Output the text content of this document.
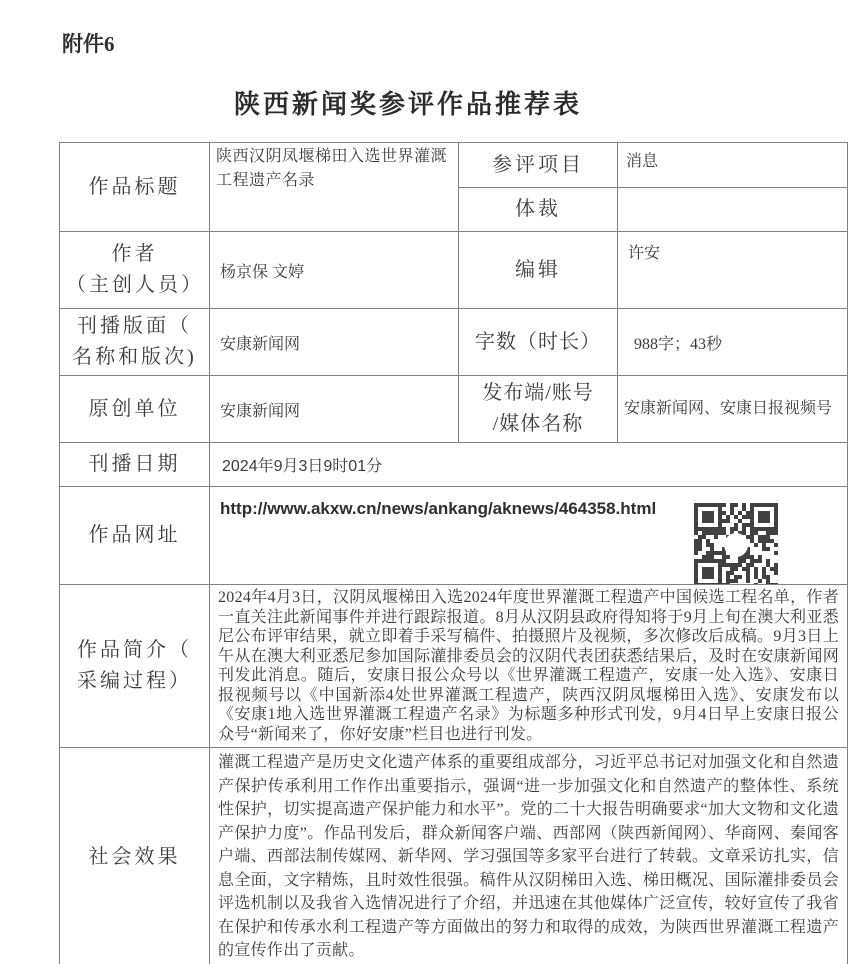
附件6
陕西新闻奖参评作品推荐表
作品标题	陕西汉阴凤堰梯田入选世界灌溉工程遗产名录	参评项目	消息
		体裁	
作者
（主创人员）	杨京保 文婷	编辑	许安
刊播版面（
名称和版次)	安康新闻网	字数（时长）	988字；43秒
原创单位	安康新闻网	发布端/账号
/媒体名称	安康新闻网、安康日报视频号
刊播日期	2024年9月3日9时01分		
作品网址	http://www.akxw.cn/news/ankang/aknews/464358.html		

作品简介（
采编过程）	2024年4月3日，汉阴凤堰梯田入选2024年度世界灌溉工程遗产中国候选工程名单，作者一直关注此新闻事件并进行跟踪报道。8月从汉阴县政府得知将于9月上旬在澳大利亚悉尼公布评审结果，就立即着手采写稿件、拍摄照片及视频，多次修改后成稿。9月3日上午从在澳大利亚悉尼参加国际灌排委员会的汉阴代表团获悉结果后，及时在安康新闻网刊发此消息。随后，安康日报公众号以《世界灌溉工程遗产，安康一处入选》、安康日报视频号以《中国新添4处世界灌溉工程遗产，陕西汉阴凤堰梯田入选》、安康发布以《安康1地入选世界灌溉工程遗产名录》为标题多种形式刊发，9月4日早上安康日报公众号“新闻来了，你好安康”栏目也进行刊发。		
社会效果	灌溉工程遗产是历史文化遗产体系的重要组成部分，习近平总书记对加强文化和自然遗产保护传承利用工作作出重要指示，强调“进一步加强文化和自然遗产的整体性、系统性保护，切实提高遗产保护能力和水平”。党的二十大报告明确要求“加大文物和文化遗产保护力度”。作品刊发后，群众新闻客户端、西部网（陕西新闻网）、华商网、秦闻客户端、西部法制传媒网、新华网、学习强国等多家平台进行了转载。文章采访扎实，信息全面，文字精炼，且时效性很强。稿件从汉阴梯田入选、梯田概况、国际灌排委员会评选机制以及我省入选情况进行了介绍，并迅速在其他媒体广泛宣传，较好宣传了我省在保护和传承水利工程遗产等方面做出的努力和取得的成效，为陕西世界灌溉工程遗产的宣传作出了贡献。		
